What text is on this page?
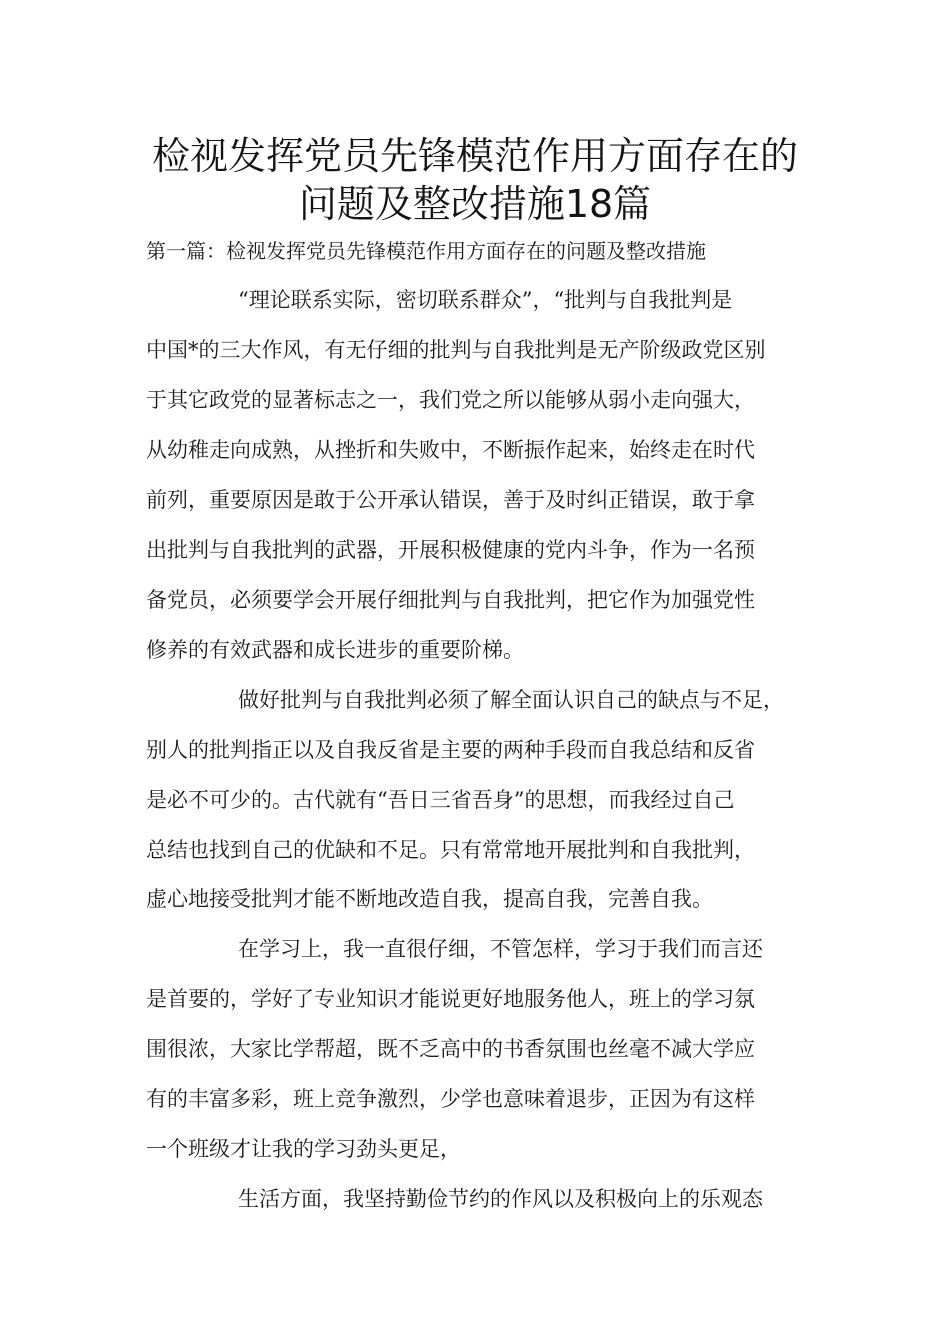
检视发挥党员先锋模范作用方面存在的
问题及整改措施18篇
第一篇：检视发挥党员先锋模范作用方面存在的问题及整改措施
“理论联系实际，密切联系群众”，“批判与自我批判是
中国*的三大作风，有无仔细的批判与自我批判是无产阶级政党区别
于其它政党的显著标志之一，我们党之所以能够从弱小走向强大，
从幼稚走向成熟，从挫折和失败中，不断振作起来，始终走在时代
前列，重要原因是敢于公开承认错误，善于及时纠正错误，敢于拿
出批判与自我批判的武器，开展积极健康的党内斗争，作为一名预
备党员，必须要学会开展仔细批判与自我批判，把它作为加强党性
修养的有效武器和成长进步的重要阶梯。
做好批判与自我批判必须了解全面认识自己的缺点与不足，
别人的批判指正以及自我反省是主要的两种手段而自我总结和反省
是必不可少的。古代就有“吾日三省吾身”的思想，而我经过自己
总结也找到自己的优缺和不足。只有常常地开展批判和自我批判，
虚心地接受批判才能不断地改造自我，提高自我，完善自我。
在学习上，我一直很仔细，不管怎样，学习于我们而言还
是首要的，学好了专业知识才能说更好地服务他人，班上的学习氛
围很浓，大家比学帮超，既不乏高中的书香氛围也丝毫不减大学应
有的丰富多彩，班上竞争激烈，少学也意味着退步，正因为有这样
一个班级才让我的学习劲头更足，
生活方面，我坚持勤俭节约的作风以及积极向上的乐观态
